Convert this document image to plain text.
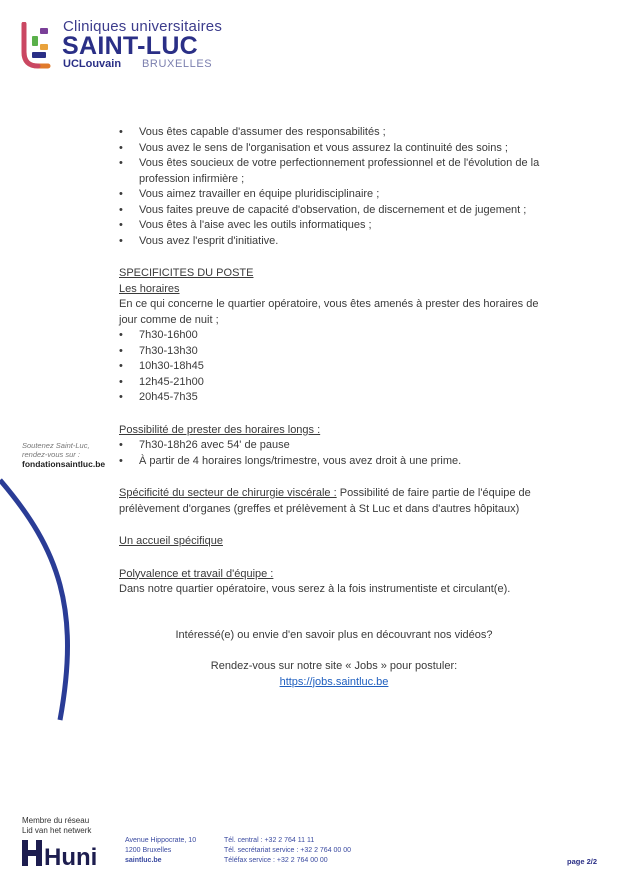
Cliniques universitaires
SAINT-LUC
UCLouvain BRUXELLES
Soutenez Saint-Luc, rendez-vous sur :
fondationsaintluc.be
• Vous êtes capable d'assumer des responsabilités ;
• Vous avez le sens de l'organisation et vous assurez la continuité des soins ;
• Vous êtes soucieux de votre perfectionnement professionnel et de l'évolution de la profession infirmière ;
• Vous aimez travailler en équipe pluridisciplinaire ;
• Vous faites preuve de capacité d'observation, de discernement et de jugement ;
• Vous êtes à l'aise avec les outils informatiques ;
• Vous avez l'esprit d'initiative.
SPECIFICITES DU POSTE
Les horaires
En ce qui concerne le quartier opératoire, vous êtes amenés à prester des horaires de jour comme de nuit ;
• 7h30-16h00
• 7h30-13h30
• 10h30-18h45
• 12h45-21h00
• 20h45-7h35
Possibilité de prester des horaires longs :
• 7h30-18h26 avec 54' de pause
• À partir de 4 horaires longs/trimestre, vous avez droit à une prime.
Spécificité du secteur de chirurgie viscérale : Possibilité de faire partie de l'équipe de prélèvement d'organes (greffes et prélèvement à St Luc et dans d'autres hôpitaux)
Un accueil spécifique
Polyvalence et travail d'équipe :
Dans notre quartier opératoire, vous serez à la fois instrumentiste et circulant(e).
Intéressé(e) ou envie d'en savoir plus en découvrant nos vidéos?
Rendez-vous sur notre site « Jobs » pour postuler:
https://jobs.saintluc.be
Membre du réseau
Lid van het netwerk
Huni
Avenue Hippocrate, 10
1200 Bruxelles
saintluc.be
Tél. central : +32 2 764 11 11
Tél. secrétariat service : +32 2 764 00 00
Téléfax service : +32 2 764 00 00	page 2/2
